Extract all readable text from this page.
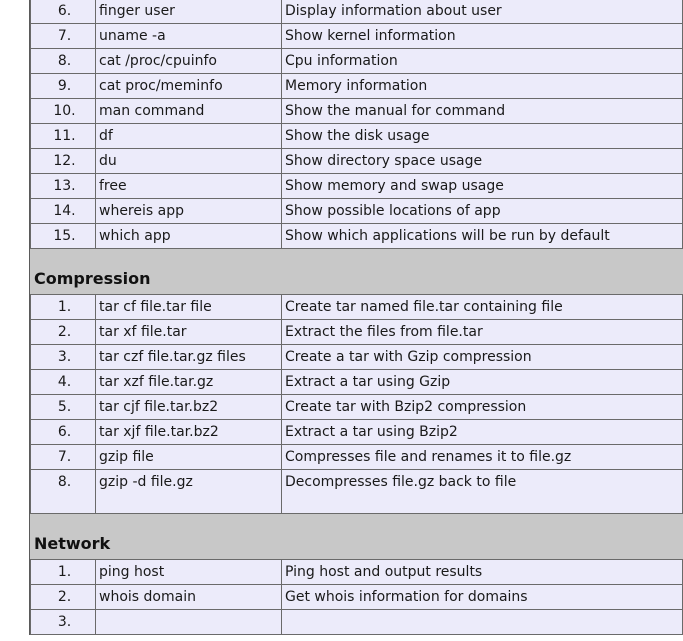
6.	finger user	Display information about user
7.	uname -a	Show kernel information
8.	cat /proc/cpuinfo	Cpu information
9.	cat proc/meminfo	Memory information
10.	man command	Show the manual for command
11.	df	Show the disk usage
12.	du	Show directory space usage
13.	free	Show memory and swap usage
14.	whereis app	Show possible locations of app
15.	which app	Show which applications will be run by default
Compression
1.	tar cf file.tar file	Create tar named file.tar containing file
2.	tar xf file.tar	Extract the files from file.tar
3.	tar czf file.tar.gz files	Create a tar with Gzip compression
4.	tar xzf file.tar.gz	Extract a tar using Gzip
5.	tar cjf file.tar.bz2	Create tar with Bzip2 compression
6.	tar xjf file.tar.bz2	Extract a tar using Bzip2
7.	gzip file	Compresses file and renames it to file.gz
8.	gzip -d file.gz	Decompresses file.gz back to file
Network
1.	ping host	Ping host and output results
2.	whois domain	Get whois information for domains
3.		
